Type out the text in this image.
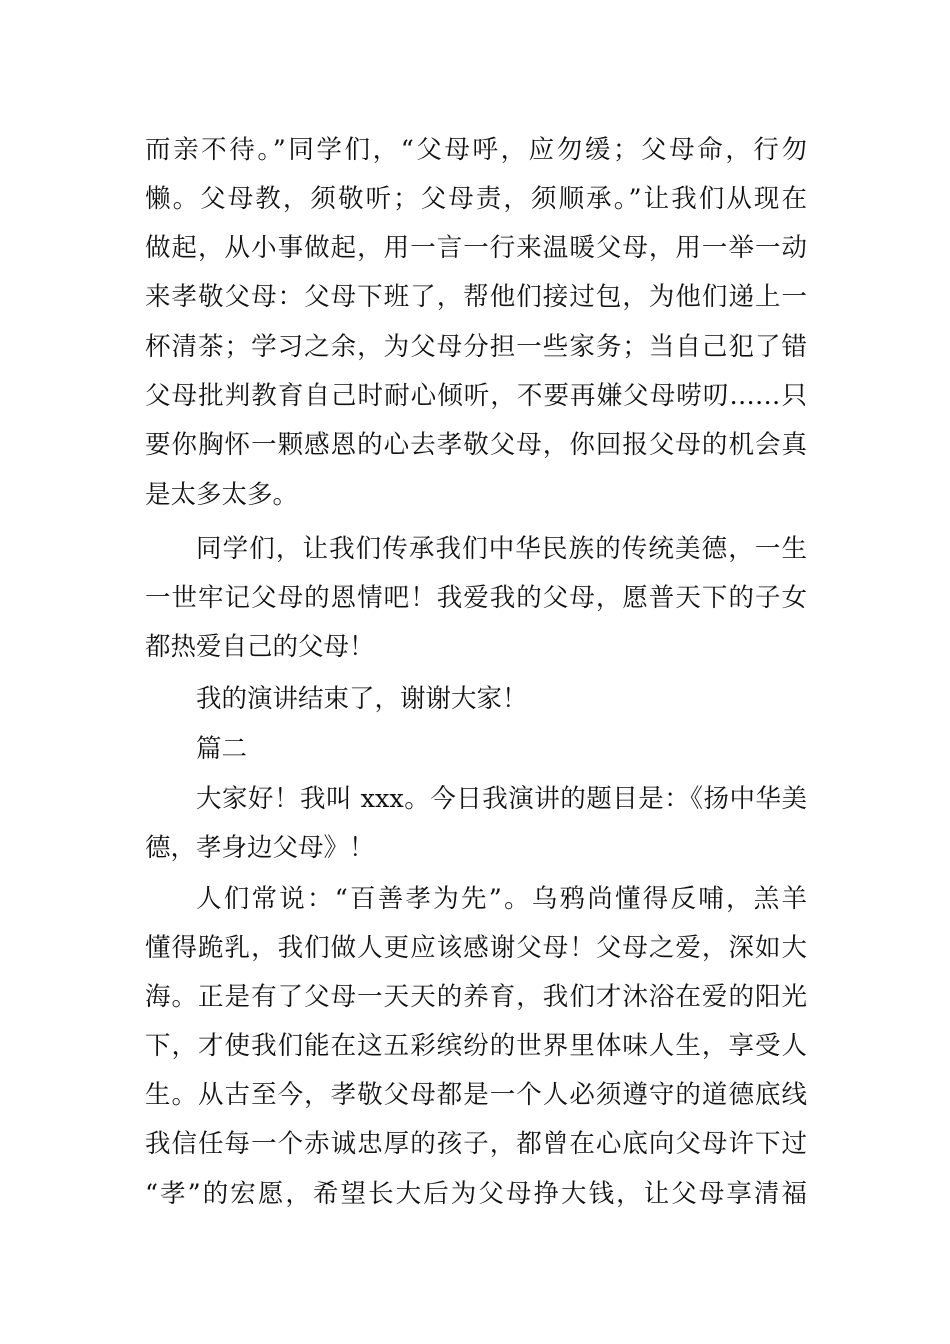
而亲不待。”同学们，“父母呼，应勿缓；父母命，行勿
懒。父母教，须敬听；父母责，须顺承。”让我们从现在
做起，从小事做起，用一言一行来温暖父母，用一举一动
来孝敬父母：父母下班了，帮他们接过包，为他们递上一
杯清茶；学习之余，为父母分担一些家务；当自己犯了错
父母批判教育自己时耐心倾听，不要再嫌父母唠叨……只
要你胸怀一颗感恩的心去孝敬父母，你回报父母的机会真
是太多太多。
同学们，让我们传承我们中华民族的传统美德，一生
一世牢记父母的恩情吧！我爱我的父母，愿普天下的子女
都热爱自己的父母！
我的演讲结束了，谢谢大家！
篇二
大家好！我叫 xxx。今日我演讲的题目是：《扬中华美
德，孝身边父母》！
人们常说：“百善孝为先”。乌鸦尚懂得反哺，羔羊
懂得跪乳，我们做人更应该感谢父母！父母之爱，深如大
海。正是有了父母一天天的养育，我们才沐浴在爱的阳光
下，才使我们能在这五彩缤纷的世界里体味人生，享受人
生。从古至今，孝敬父母都是一个人必须遵守的道德底线
我信任每一个赤诚忠厚的孩子，都曾在心底向父母许下过
“孝”的宏愿，希望长大后为父母挣大钱，让父母享清福
